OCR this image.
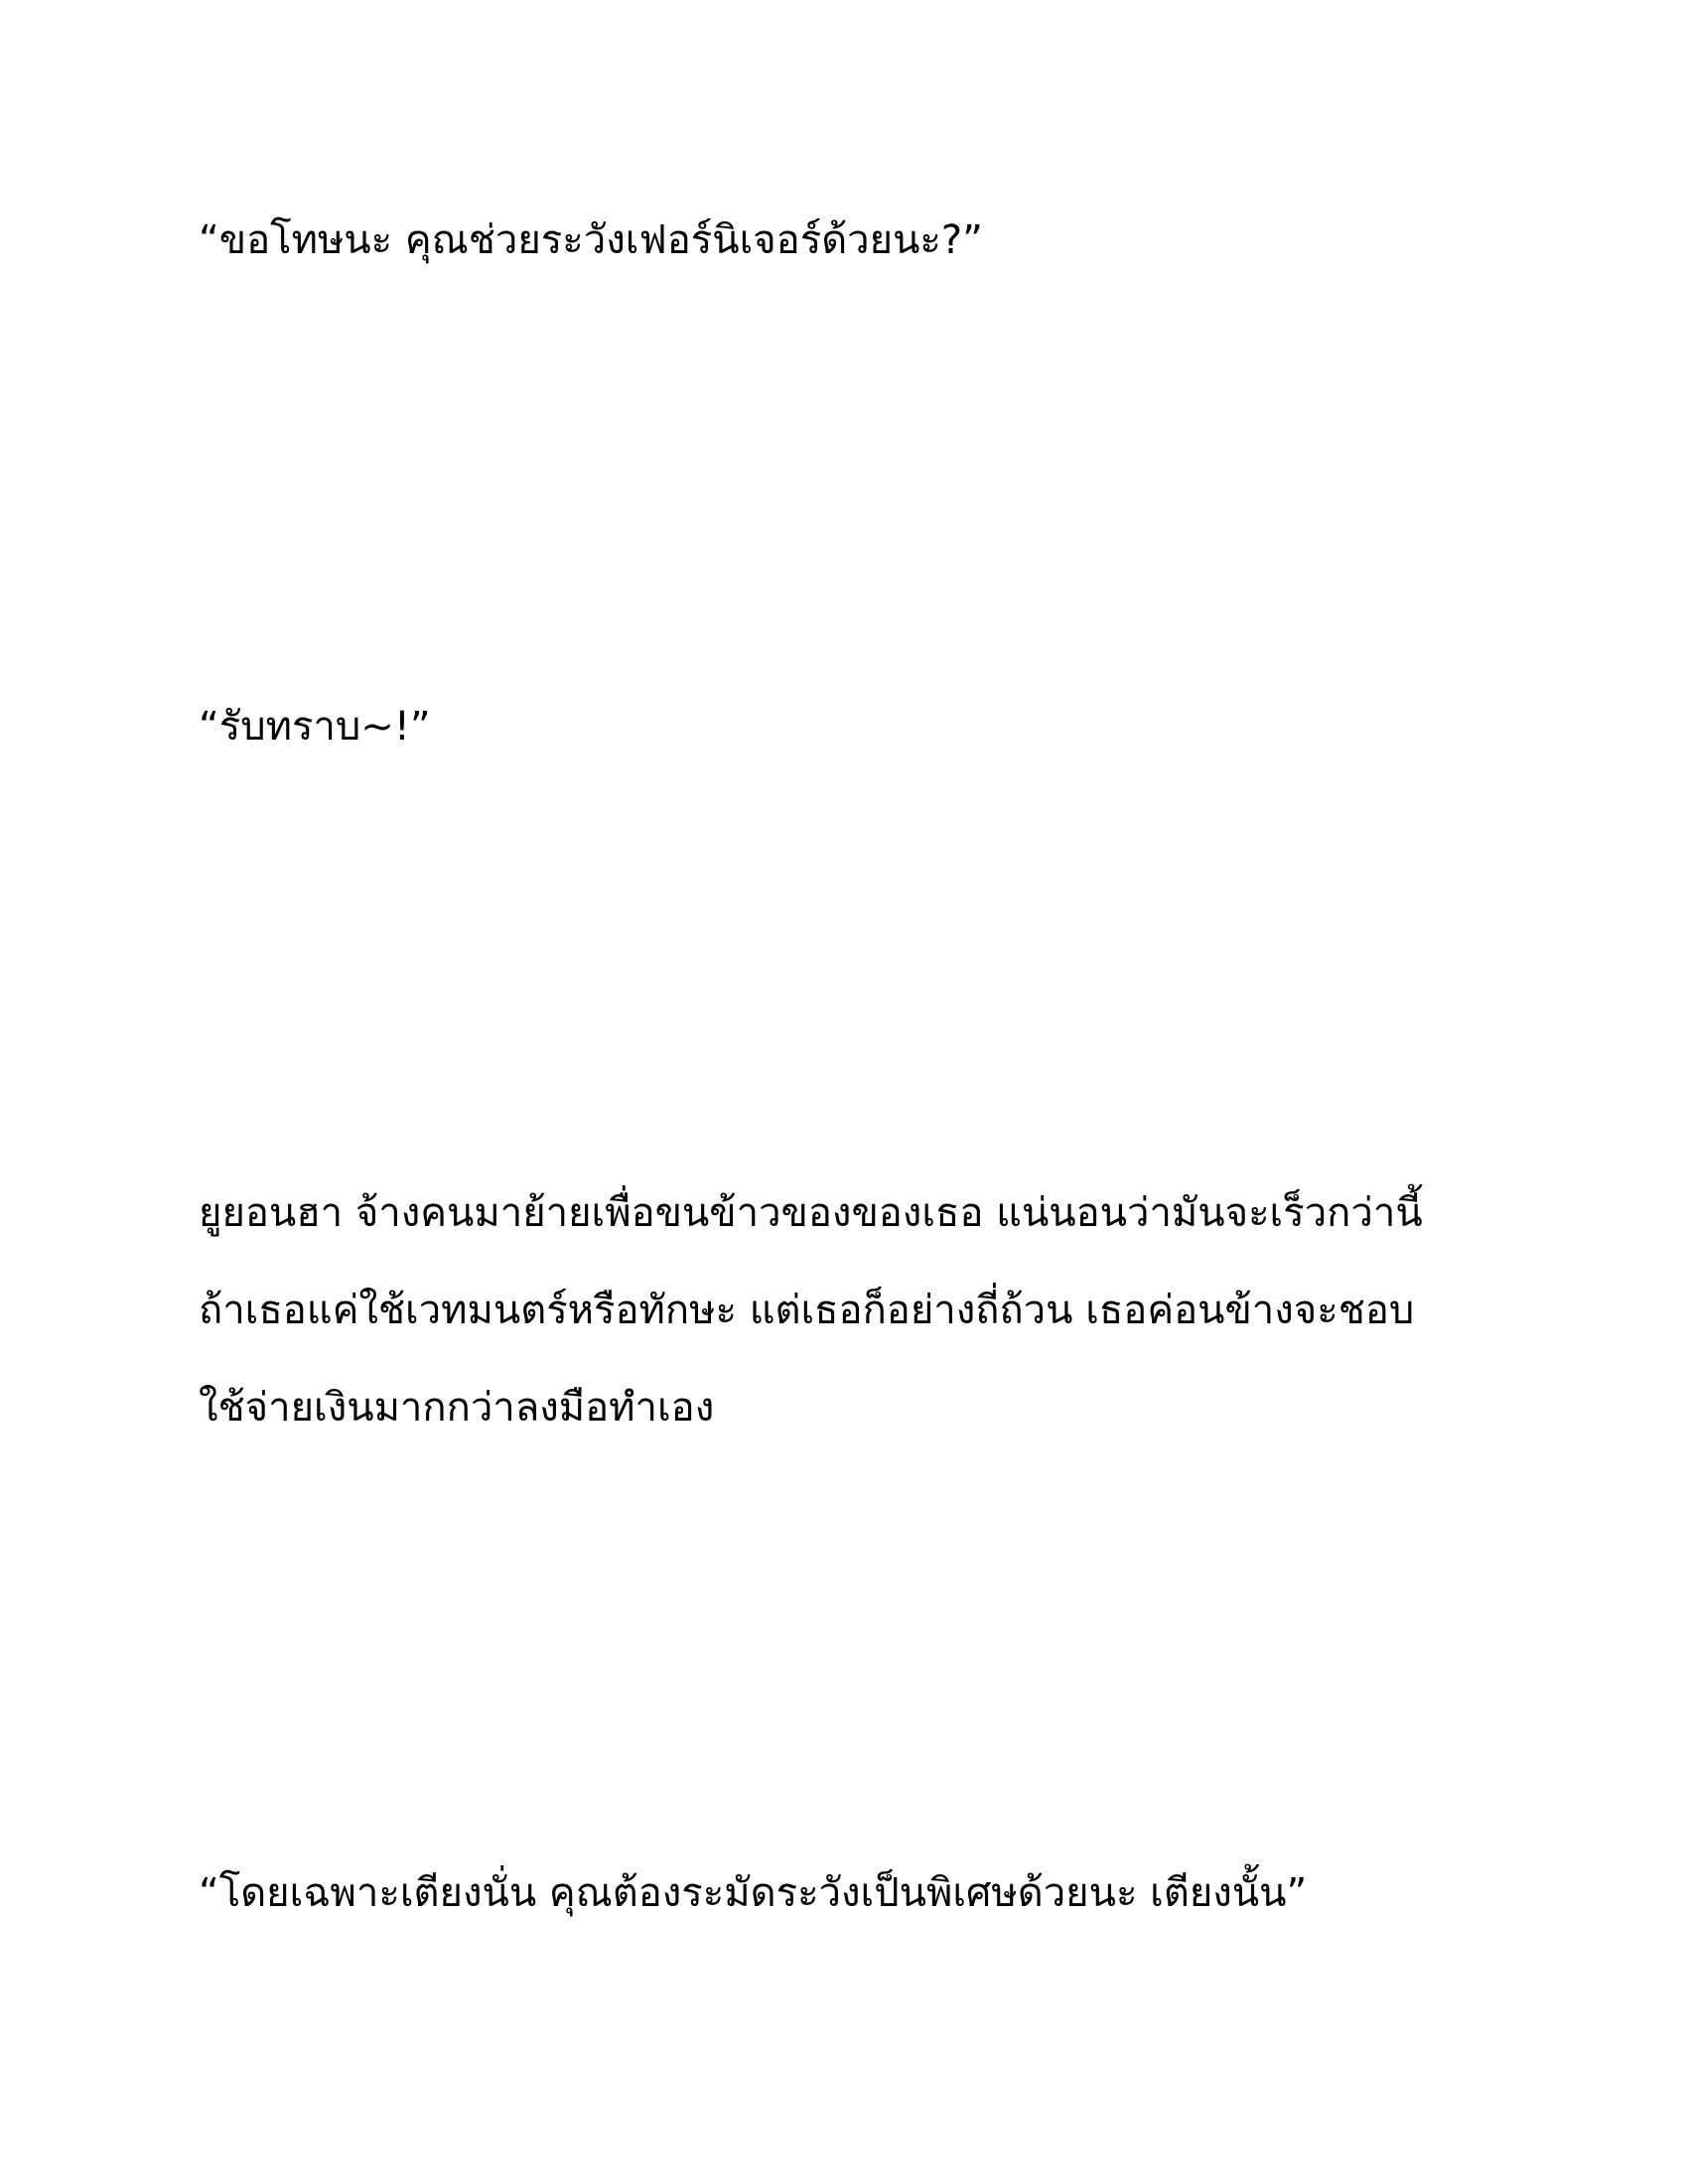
“ขอโทษนะ คุณช่วยระวังเฟอร์นิเจอร์ด้วยนะ?”

“รับทราบ~!”

ยูยอนฮา จ้างคนมาย้ายเพื่อขนข้าวของของเธอ แน่นอนว่ามันจะเร็วกว่านี้
ถ้าเธอแค่ใช้เวทมนตร์หรือทักษะ แต่เธอก็อย่างถี่ถ้วน เธอค่อนข้างจะชอบ
ใช้จ่ายเงินมากกว่าลงมือทำเอง

“โดยเฉพาะเตียงนั่น คุณต้องระมัดระวังเป็นพิเศษด้วยนะ เตียงนั้น”
